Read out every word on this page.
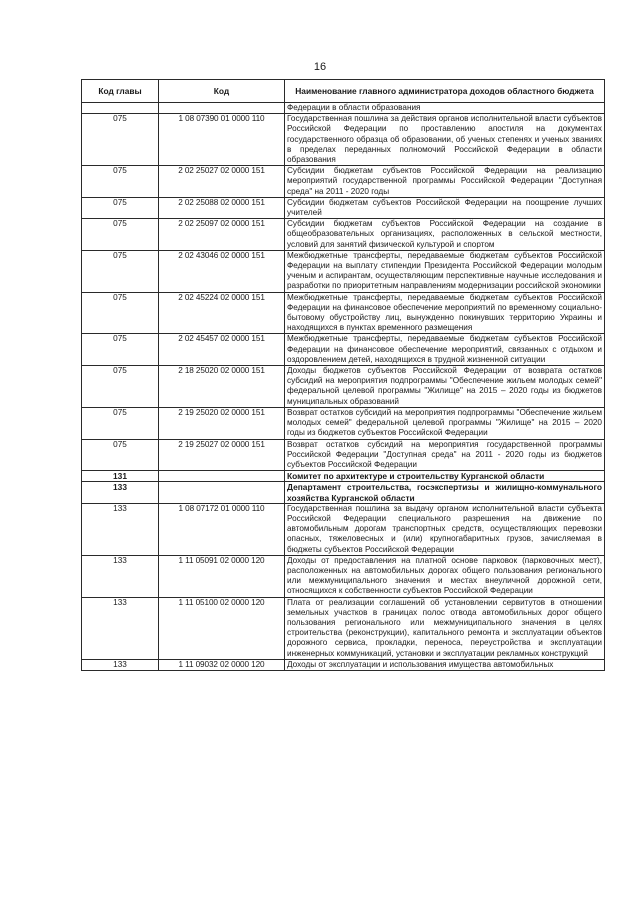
16
Код главы	Код	Наименование главного администратора доходов областного бюджета
		Федерации в области образования
075	1 08 07390 01 0000 110	Государственная пошлина за действия органов исполнительной власти субъектов Российской Федерации по проставлению апостиля на документах государственного образца об образовании, об ученых степенях и ученых званиях в пределах переданных полномочий Российской Федерации в области образования
075	2 02 25027 02 0000 151	Субсидии бюджетам субъектов Российской Федерации на реализацию мероприятий государственной программы Российской Федерации "Доступная среда" на 2011 - 2020 годы
075	2 02 25088 02 0000 151	Субсидии бюджетам субъектов Российской Федерации на поощрение лучших учителей
075	2 02 25097 02 0000 151	Субсидии бюджетам субъектов Российской Федерации на создание в общеобразовательных организациях, расположенных в сельской местности, условий для занятий физической культурой и спортом
075	2 02 43046 02 0000 151	Межбюджетные трансферты, передаваемые бюджетам субъектов Российской Федерации на выплату стипендии Президента Российской Федерации молодым ученым и аспирантам, осуществляющим перспективные научные исследования и разработки по приоритетным направлениям модернизации российской экономики
075	2 02 45224 02 0000 151	Межбюджетные трансферты, передаваемые бюджетам субъектов Российской Федерации на финансовое обеспечение мероприятий по временному социально-бытовому обустройству лиц, вынужденно покинувших территорию Украины и находящихся в пунктах временного размещения
075	2 02 45457 02 0000 151	Межбюджетные трансферты, передаваемые бюджетам субъектов Российской Федерации на финансовое обеспечение мероприятий, связанных с отдыхом и оздоровлением детей, находящихся в трудной жизненной ситуации
075	2 18 25020 02 0000 151	Доходы бюджетов субъектов Российской Федерации от возврата остатков субсидий на мероприятия подпрограммы "Обеспечение жильем молодых семей" федеральной целевой программы "Жилище" на 2015 – 2020 годы из бюджетов муниципальных образований
075	2 19 25020 02 0000 151	Возврат остатков субсидий на мероприятия подпрограммы "Обеспечение жильем молодых семей" федеральной целевой программы "Жилище" на 2015 – 2020 годы из бюджетов субъектов Российской Федерации
075	2 19 25027 02 0000 151	Возврат остатков субсидий на мероприятия государственной программы Российской Федерации "Доступная среда" на 2011 - 2020 годы из бюджетов субъектов Российской Федерации
131		Комитет по архитектуре и строительству Курганской области
133		Департамент строительства, госэкспертизы и жилищно-коммунального хозяйства Курганской области
133	1 08 07172 01 0000 110	Государственная пошлина за выдачу органом исполнительной власти субъекта Российской Федерации специального разрешения на движение по автомобильным дорогам транспортных средств, осуществляющих перевозки опасных, тяжеловесных и (или) крупногабаритных грузов, зачисляемая в бюджеты субъектов Российской Федерации
133	1 11 05091 02 0000 120	Доходы от предоставления на платной основе парковок (парковочных мест), расположенных на автомобильных дорогах общего пользования регионального или межмуниципального значения и местах внеуличной дорожной сети, относящихся к собственности субъектов Российской Федерации
133	1 11 05100 02 0000 120	Плата от реализации соглашений об установлении сервитутов в отношении земельных участков в границах полос отвода автомобильных дорог общего пользования регионального или межмуниципального значения в целях строительства (реконструкции), капитального ремонта и эксплуатации объектов дорожного сервиса, прокладки, переноса, переустройства и эксплуатации инженерных коммуникаций, установки и эксплуатации рекламных конструкций
133	1 11 09032 02 0000 120	Доходы от эксплуатации и использования имущества автомобильных
